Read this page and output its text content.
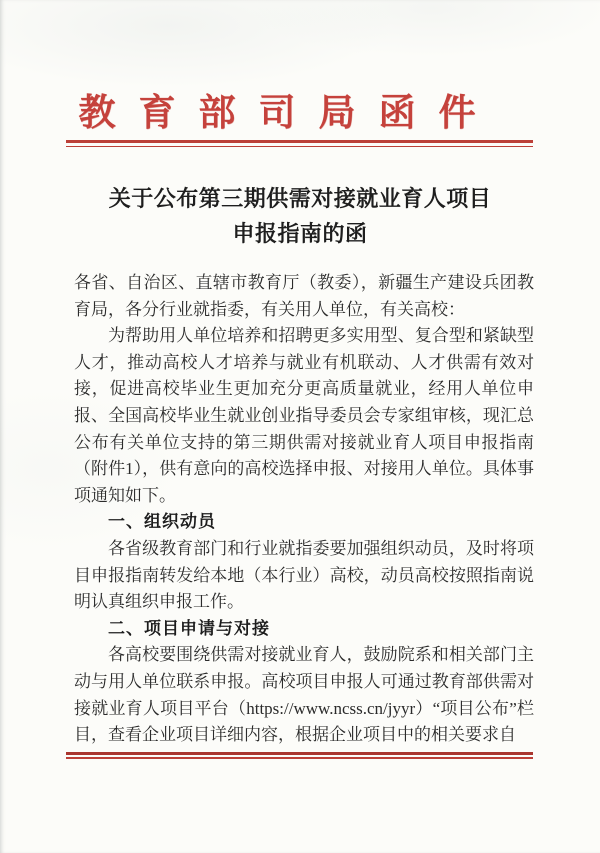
教育部司局函件
关于公布第三期供需对接就业育人项目
申报指南的函

各省、自治区、直辖市教育厅（教委），新疆生产建设兵团教育局，各分行业就指委，有关用人单位，有关高校：

为帮助用人单位培养和招聘更多实用型、复合型和紧缺型人才，推动高校人才培养与就业有机联动、人才供需有效对接，促进高校毕业生更加充分更高质量就业，经用人单位申报、全国高校毕业生就业创业指导委员会专家组审核，现汇总公布有关单位支持的第三期供需对接就业育人项目申报指南（附件1），供有意向的高校选择申报、对接用人单位。具体事项通知如下。

一、组织动员

各省级教育部门和行业就指委要加强组织动员，及时将项目申报指南转发给本地（本行业）高校，动员高校按照指南说明认真组织申报工作。

二、项目申请与对接

各高校要围绕供需对接就业育人，鼓励院系和相关部门主动与用人单位联系申报。高校项目申报人可通过教育部供需对接就业育人项目平台（https://www.ncss.cn/jyyr）“项目公布”栏目，查看企业项目详细内容，根据企业项目中的相关要求自
